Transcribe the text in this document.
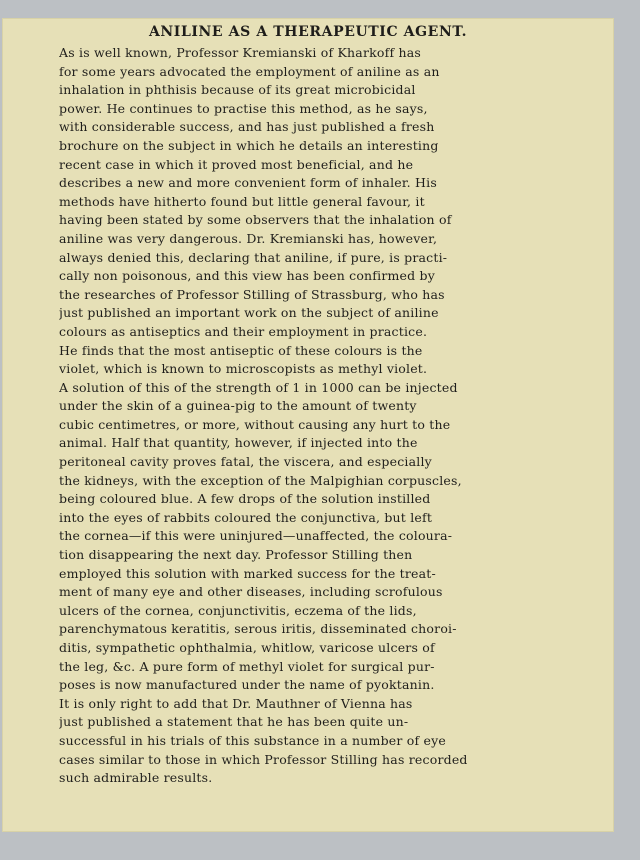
ANILINE AS A THERAPEUTIC AGENT.
As is well known, Professor Kremianski of Kharkoff has
for some years advocated the employment of aniline as an
inhalation in phthisis because of its great microbicidal
power. He continues to practise this method, as he says,
with considerable success, and has just published a fresh
brochure on the subject in which he details an interesting
recent case in which it proved most beneficial, and he
describes a new and more convenient form of inhaler. His
methods have hitherto found but little general favour, it
having been stated by some observers that the inhalation of
aniline was very dangerous. Dr. Kremianski has, however,
always denied this, declaring that aniline, if pure, is practi-
cally non poisonous, and this view has been confirmed by
the researches of Professor Stilling of Strassburg, who has
just published an important work on the subject of aniline
colours as antiseptics and their employment in practice.
He finds that the most antiseptic of these colours is the
violet, which is known to microscopists as methyl violet.
A solution of this of the strength of 1 in 1000 can be injected
under the skin of a guinea-pig to the amount of twenty
cubic centimetres, or more, without causing any hurt to the
animal. Half that quantity, however, if injected into the
peritoneal cavity proves fatal, the viscera, and especially
the kidneys, with the exception of the Malpighian corpuscles,
being coloured blue. A few drops of the solution instilled
into the eyes of rabbits coloured the conjunctiva, but left
the cornea—if this were uninjured—unaffected, the coloura-
tion disappearing the next day. Professor Stilling then
employed this solution with marked success for the treat-
ment of many eye and other diseases, including scrofulous
ulcers of the cornea, conjunctivitis, eczema of the lids,
parenchymatous keratitis, serous iritis, disseminated choroi-
ditis, sympathetic ophthalmia, whitlow, varicose ulcers of
the leg, &c. A pure form of methyl violet for surgical pur-
poses is now manufactured under the name of pyoktanin.
It is only right to add that Dr. Mauthner of Vienna has
just published a statement that he has been quite un-
successful in his trials of this substance in a number of eye
cases similar to those in which Professor Stilling has recorded
such admirable results.
